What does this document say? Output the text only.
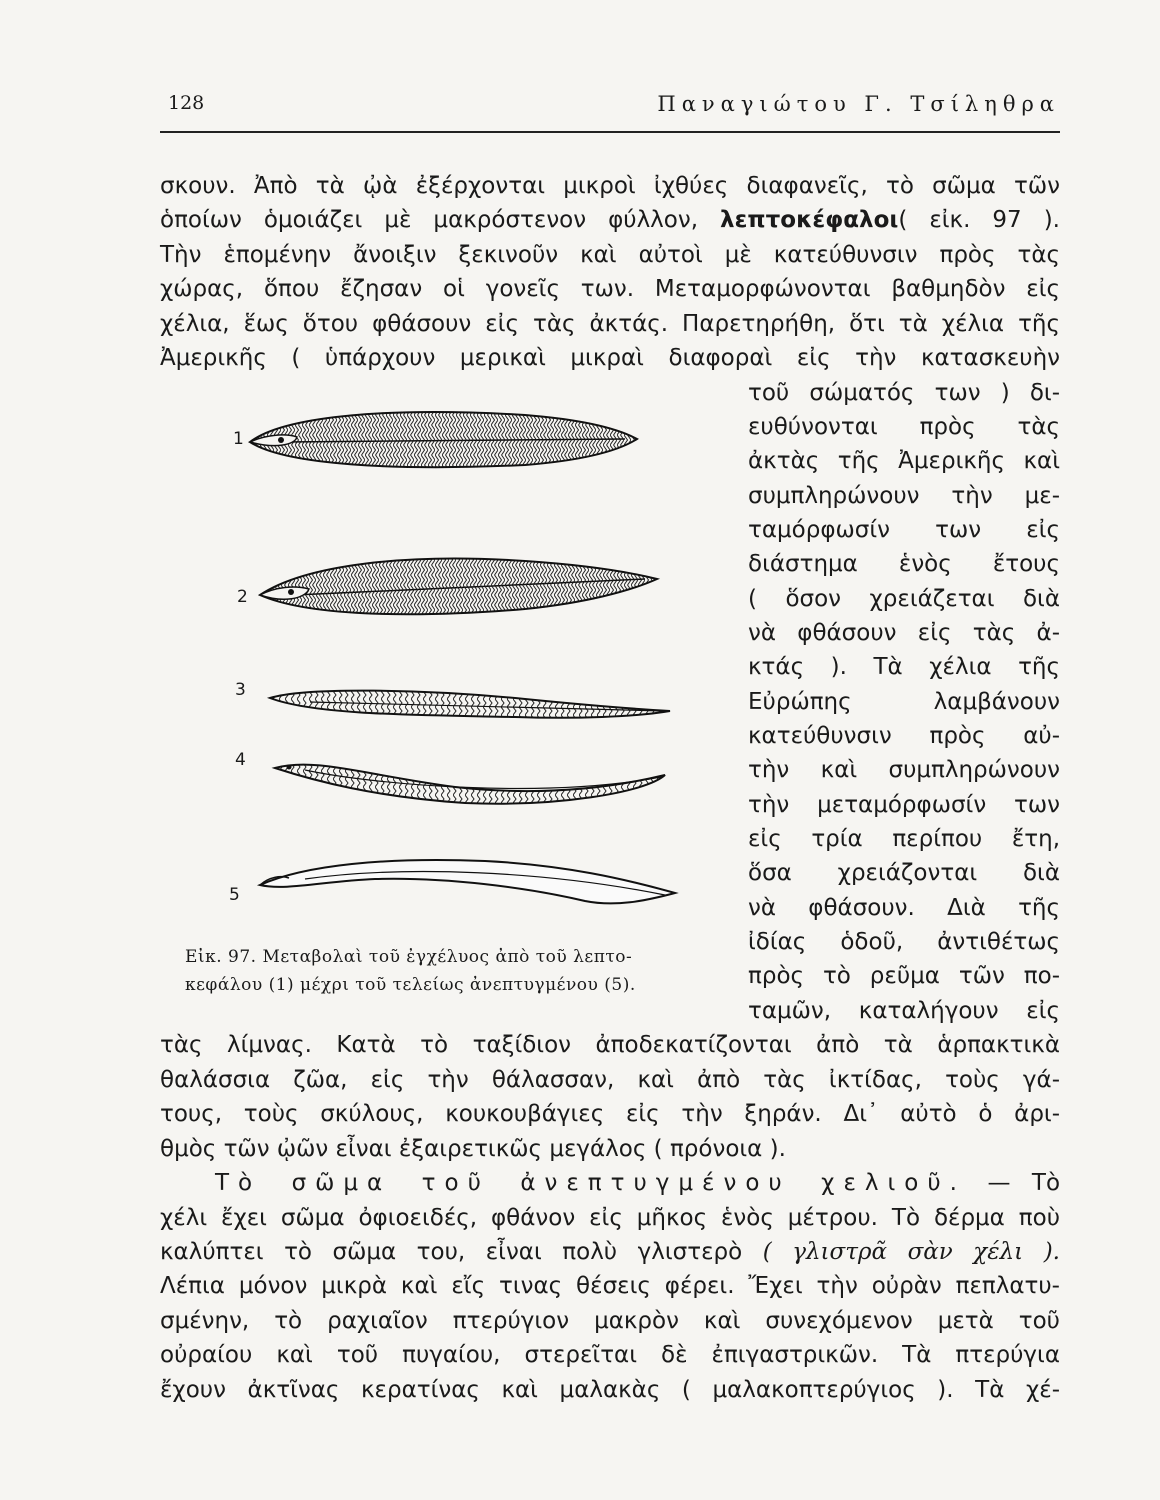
128	Παναγιώτου Γ. Τσίληθρα
σκουν. Ἀπὸ τὰ ᾠὰ ἐξέρχονται μικροὶ ἰχθύες διαφανεῖς, τὸ σῶμα τῶν
ὁποίων ὁμοιάζει μὲ μακρόστενον φύλλον, λεπτοκέφαλοι( εἰκ. 97 ).
Τὴν ἑπομένην ἄνοιξιν ξεκινοῦν καὶ αὐτοὶ μὲ κατεύθυνσιν πρὸς τὰς
χώρας, ὅπου ἔζησαν οἱ γονεῖς των. Μεταμορφώνονται βαθμηδὸν εἰς
χέλια, ἕως ὅτου φθάσουν εἰς τὰς ἀκτάς. Παρετηρήθη, ὅτι τὰ χέλια τῆς
Ἀμερικῆς ( ὑπάρχουν μερικαὶ μικραὶ διαφοραὶ εἰς τὴν κατασκευὴν
τοῦ σώματός των ) δι-
ευθύνονται πρὸς τὰς
ἀκτὰς τῆς Ἀμερικῆς καὶ
συμπληρώνουν τὴν με-
ταμόρφωσίν των εἰς
διάστημα ἑνὸς ἔτους
( ὅσον χρειάζεται διὰ
νὰ φθάσουν εἰς τὰς ἀ-
κτάς ). Τὰ χέλια τῆς
Εὐρώπης λαμβάνουν
κατεύθυνσιν πρὸς αὐ-
τὴν καὶ συμπληρώνουν
τὴν μεταμόρφωσίν των
εἰς τρία περίπου ἔτη,
ὅσα χρειάζονται διὰ
νὰ φθάσουν. Διὰ τῆς
ἰδίας ὁδοῦ, ἀντιθέτως
πρὸς τὸ ρεῦμα τῶν πο-
ταμῶν, καταλήγουν εἰς
1
2
3
4
5
Εἰκ. 97. Μεταβολαὶ τοῦ ἐγχέλυος ἀπὸ τοῦ λεπτο-
κεφάλου (1) μέχρι τοῦ τελείως ἀνεπτυγμένου (5).
τὰς λίμνας. Κατὰ τὸ ταξίδιον ἀποδεκατίζονται ἀπὸ τὰ ἁρπακτικὰ
θαλάσσια ζῶα, εἰς τὴν θάλασσαν, καὶ ἀπὸ τὰς ἰκτίδας, τοὺς γά-
τους, τοὺς σκύλους, κουκουβάγιες εἰς τὴν ξηράν. Δι᾿ αὐτὸ ὁ ἀρι-
θμὸς τῶν ᾠῶν εἶναι ἐξαιρετικῶς μεγάλος ( πρόνοια ).
Τὸ σῶμα τοῦ ἀνεπτυγμένου χελιοῦ. — Τὸ
χέλι ἔχει σῶμα ὀφιοειδές, φθάνον εἰς μῆκος ἑνὸς μέτρου. Τὸ δέρμα ποὺ
καλύπτει τὸ σῶμα του, εἶναι πολὺ γλιστερὸ ( γλιστρᾶ σὰν χέλι ).
Λέπια μόνον μικρὰ καὶ εἴς τινας θέσεις φέρει. Ἔχει τὴν οὐρὰν πεπλατυ-
σμένην, τὸ ραχιαῖον πτερύγιον μακρὸν καὶ συνεχόμενον μετὰ τοῦ
οὐραίου καὶ τοῦ πυγαίου, στερεῖται δὲ ἐπιγαστρικῶν. Τὰ πτερύγια
ἔχουν ἀκτῖνας κερατίνας καὶ μαλακὰς ( μαλακοπτερύγιος ). Τὰ χέ-
